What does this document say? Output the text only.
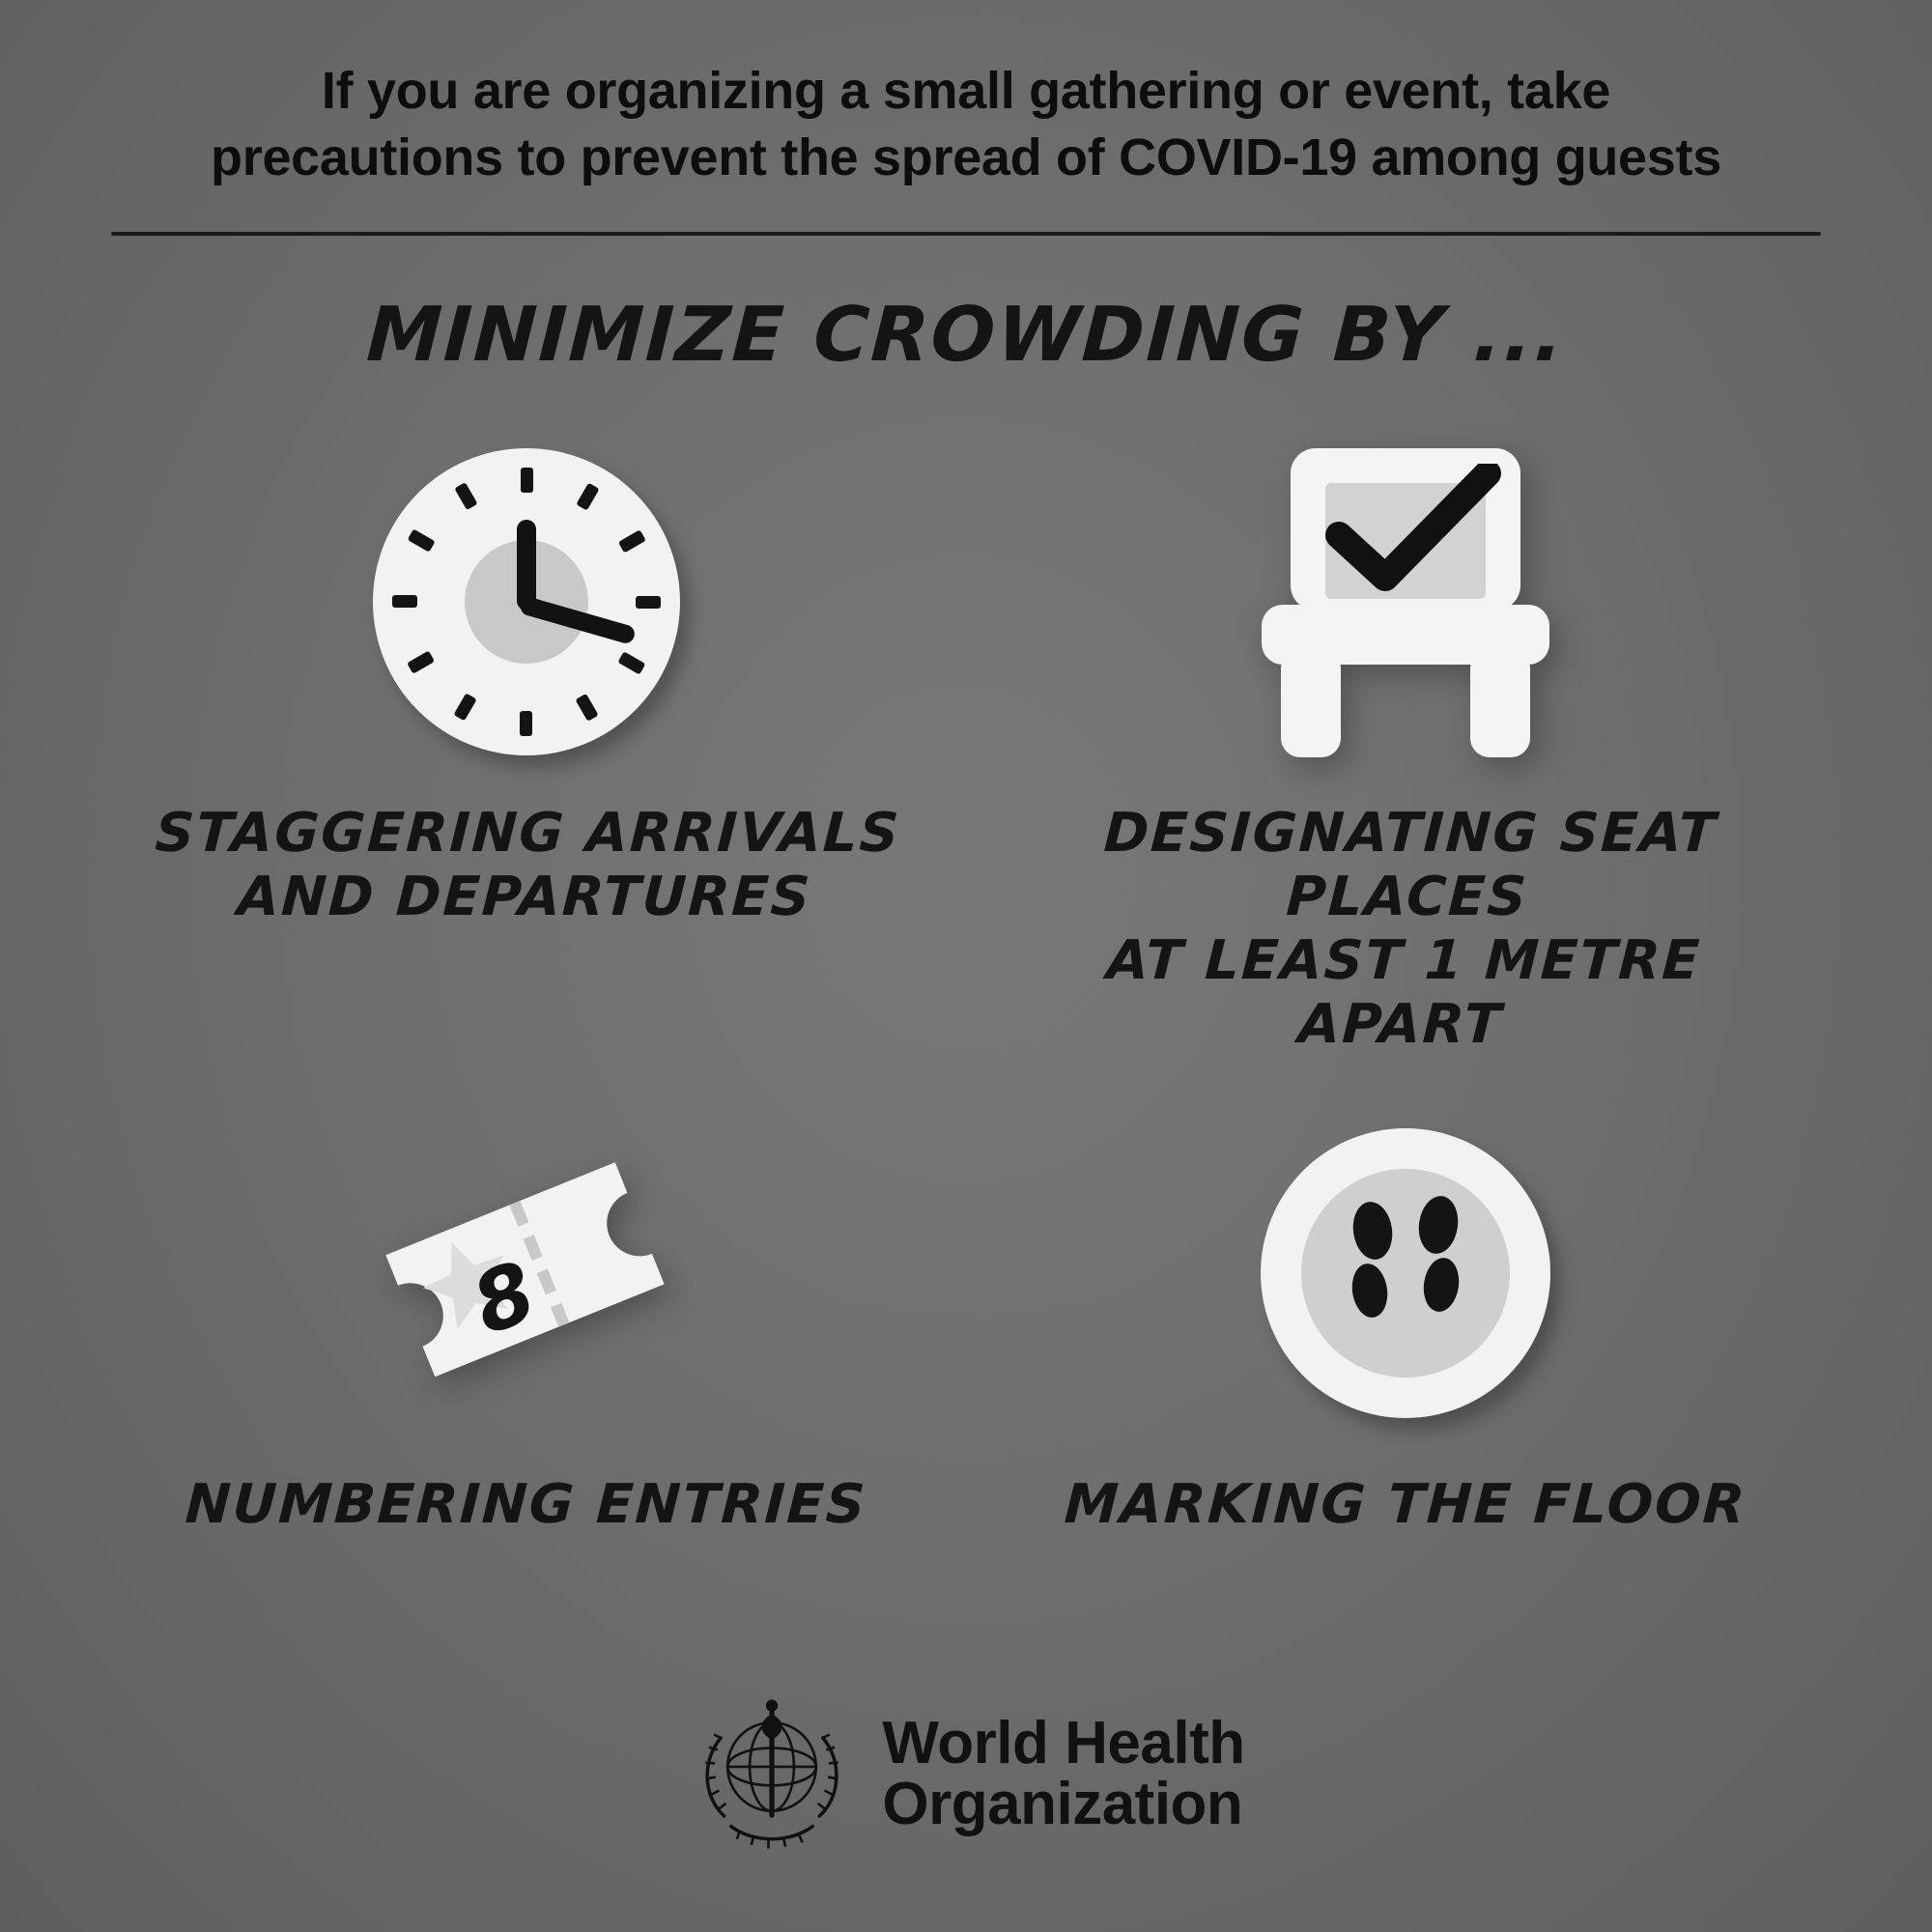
If you are organizing a small gathering or event, take
precautions to prevent the spread of COVID-19 among guests
MINIMIZE CROWDING BY ...
STAGGERING ARRIVALS
AND DEPARTURES
DESIGNATING SEAT PLACES
AT LEAST 1 METRE APART
8
NUMBERING ENTRIES	MARKING THE FLOOR
World Health
Organization
